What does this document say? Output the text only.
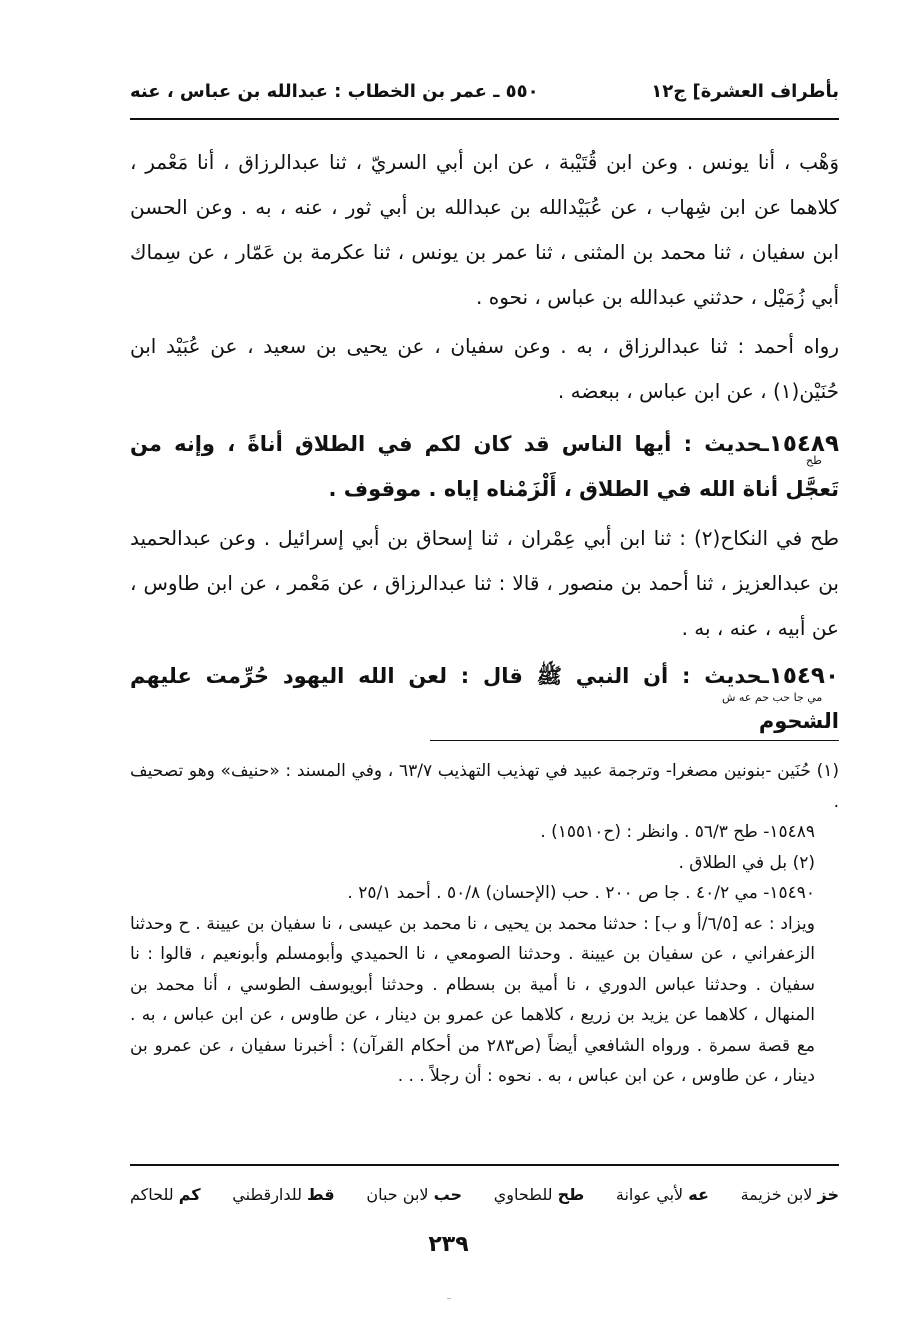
بأطراف العشرة] ج١٢
٥٥٠ ـ عمر بن الخطاب : عبدالله بن عباس ، عنه
وَهْب ، أنا يونس . وعن ابن قُتَيْبة ، عن ابن أبي السريّ ، ثنا عبدالرزاق ، أنا مَعْمر ، كلاهما عن ابن شِهاب ، عن عُبَيْدالله بن عبدالله بن أبي ثور ، عنه ، به . وعن الحسن ابن سفيان ، ثنا محمد بن المثنى ، ثنا عمر بن يونس ، ثنا عكرمة بن عَمّار ، عن سِماك أبي زُمَيْل ، حدثني عبدالله بن عباس ، نحوه .
رواه أحمد : ثنا عبدالرزاق ، به . وعن سفيان ، عن يحيى بن سعيد ، عن عُبَيْد ابن حُنَيْن(١) ، عن ابن عباس ، ببعضه .
١٥٤٨٩ـحديث : أيها الناس قد كان لكم في الطلاق أناةً ، وإنه من تَعجَّل أناة الله في الطلاق ، أَلْزَمْناه إياه . موقوف .
طح
طح في النكاح(٢) : ثنا ابن أبي عِمْران ، ثنا إسحاق بن أبي إسرائيل . وعن عبدالحميد بن عبدالعزيز ، ثنا أحمد بن منصور ، قالا : ثنا عبدالرزاق ، عن مَعْمر ، عن ابن طاوس ، عن أبيه ، عنه ، به .
١٥٤٩٠ـحديث : أن النبي ﷺ قال : لعن الله اليهود حُرِّمت عليهم الشحوم
مي جا حب حم عه ش

(١) حُنَين -بنونين مصغرا- وترجمة عبيد في تهذيب التهذيب ٦٣/٧ ، وفي المسند : «حنيف» وهو تصحيف .

١٥٤٨٩- طح ٥٦/٣ . وانظر : (ح١٥٥١٠) .

(٢) بل في الطلاق .

١٥٤٩٠- مي ٤٠/٢ . جا ص ٢٠٠ . حب (الإحسان) ٥٠/٨ . أحمد ٢٥/١ .

ويزاد : عه [٦/٥/أ و ب] : حدثنا محمد بن يحيى ، نا محمد بن عيسى ، نا سفيان بن عيينة . ح وحدثنا الزعفراني ، عن سفيان بن عيينة . وحدثنا الصومعي ، نا الحميدي وأبومسلم وأبونعيم ، قالوا : نا سفيان . وحدثنا عباس الدوري ، نا أمية بن بسطام . وحدثنا أبويوسف الطوسي ، أنا محمد بن المنهال ، كلاهما عن يزيد بن زريع ، كلاهما عن عمرو بن دينار ، عن طاوس ، عن ابن عباس ، به . مع قصة سمرة . ورواه الشافعي أيضاً (ص٢٨٣ من أحكام القرآن) : أخبرنا سفيان ، عن عمرو بن دينار ، عن طاوس ، عن ابن عباس ، به . نحوه : أن رجلاً . . .

خز لابن خزيمة
عه لأبي عوانة
طح للطحاوي
حب لابن حبان
قط للدارقطني
كم للحاكم
٢٣٩
